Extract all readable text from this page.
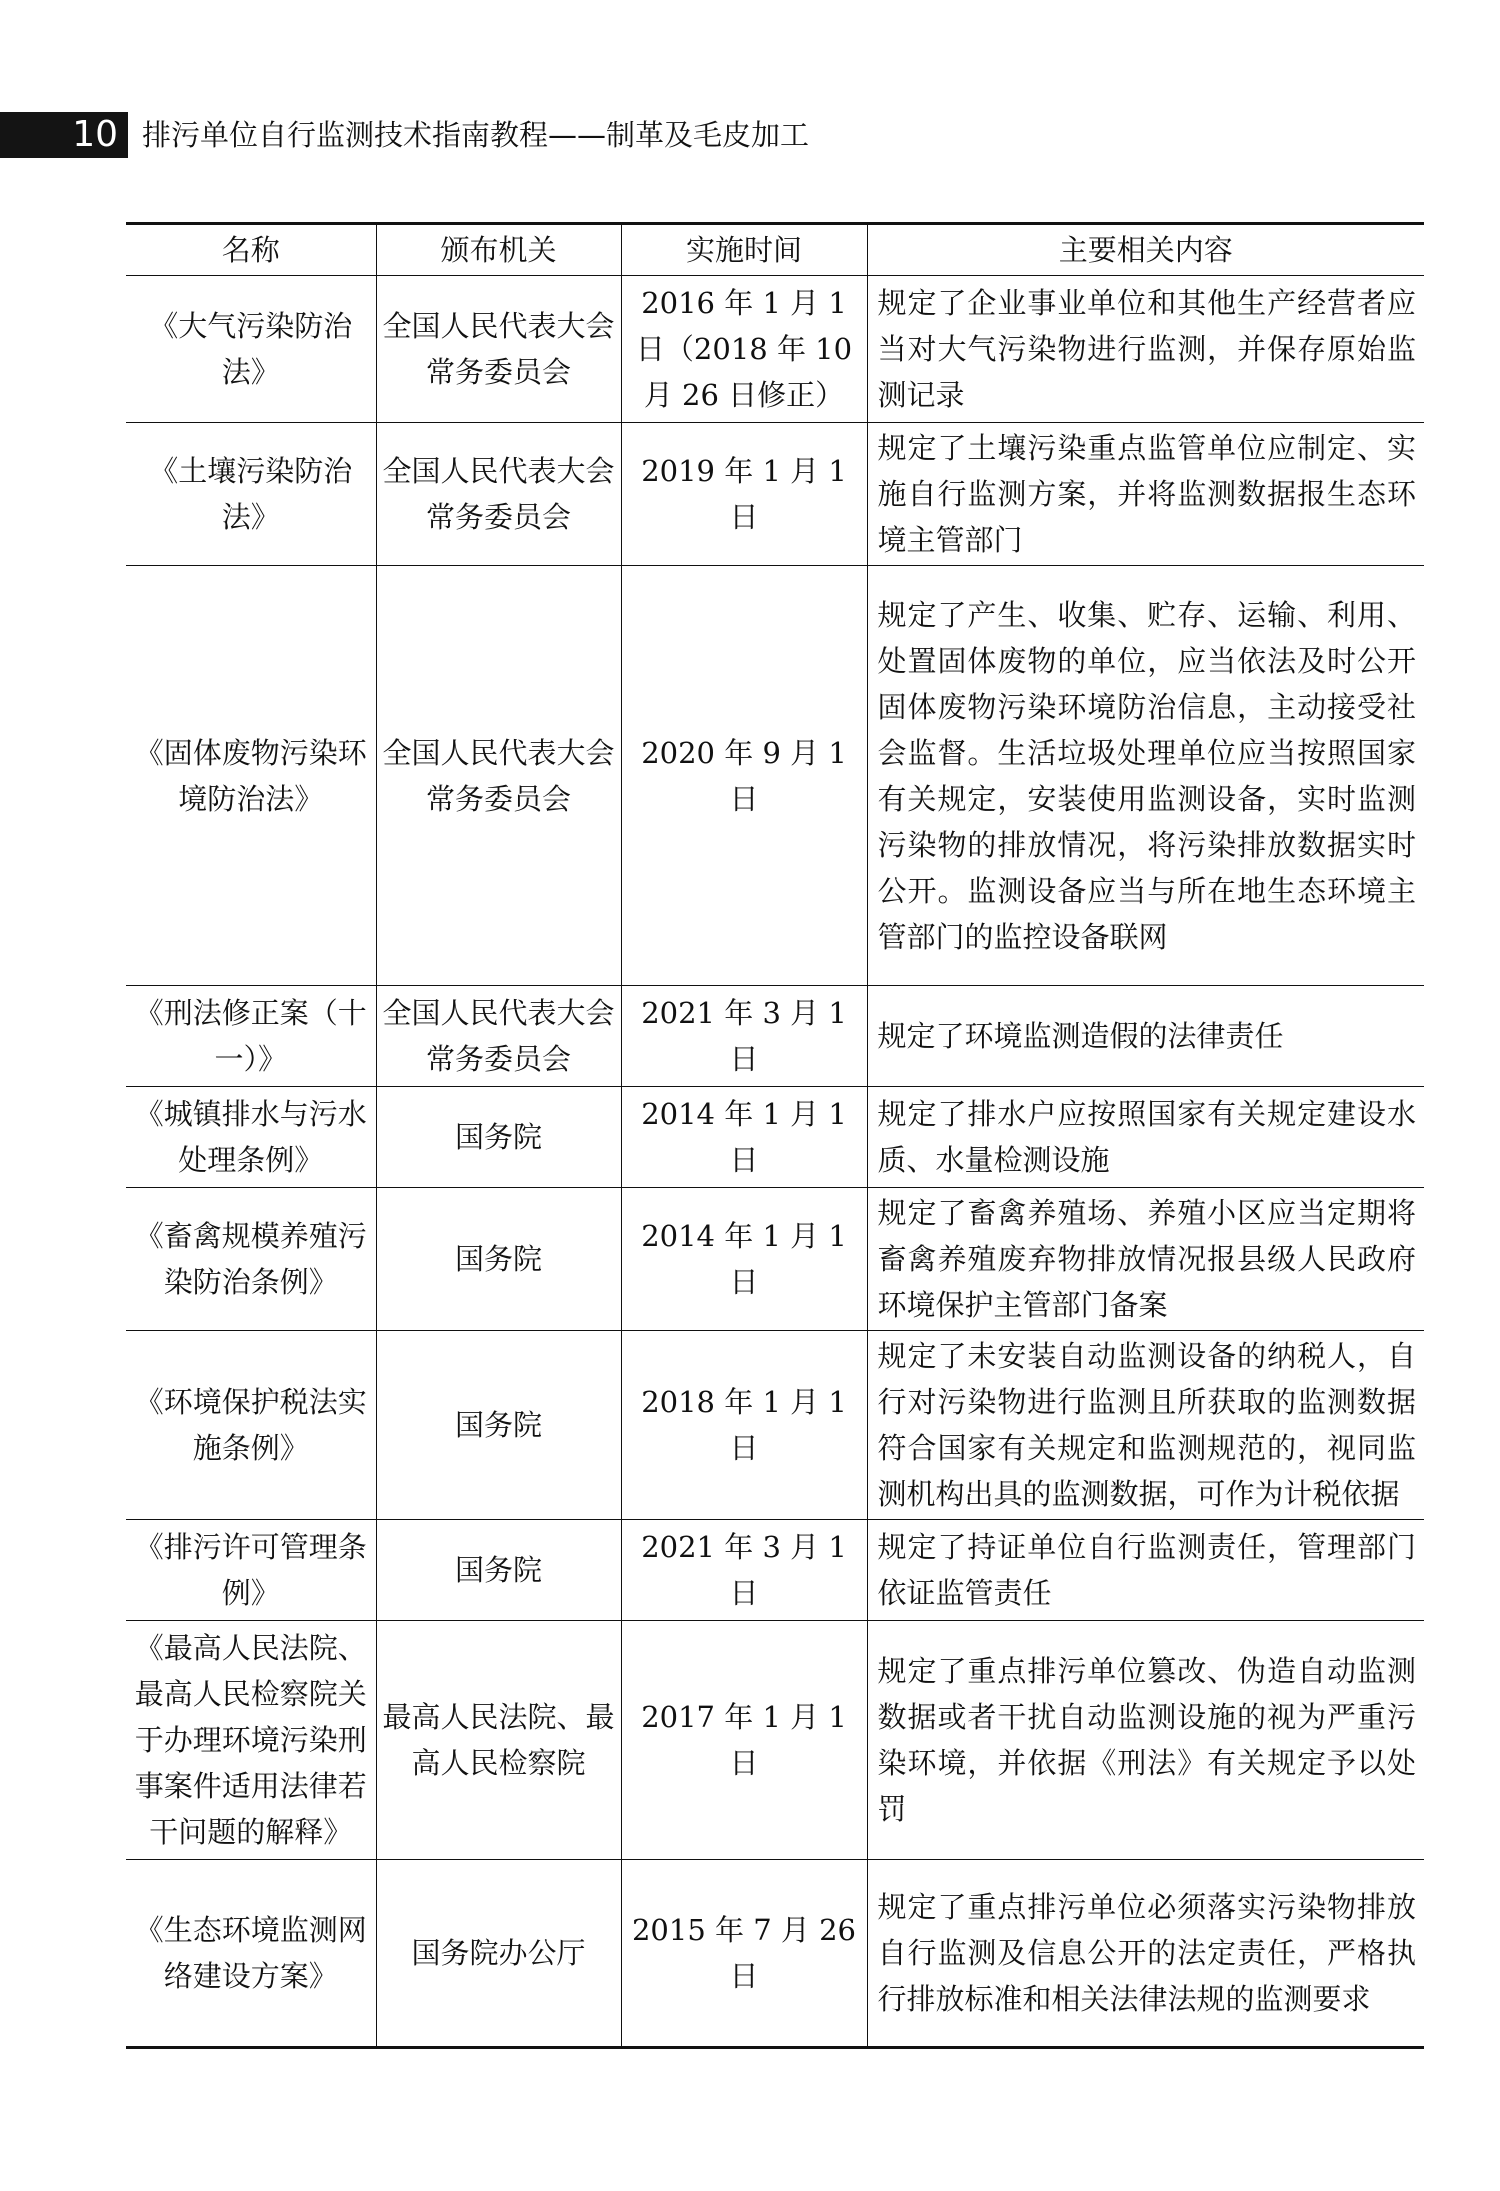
10 排污单位自行监测技术指南教程——制革及毛皮加工
名称	颁布机关	实施时间	主要相关内容
《大气污染防治法》	全国人民代表大会常务委员会	2016 年 1 月 1 日（2018 年 10 月 26 日修正）	规定了企业事业单位和其他生产经营者应当对大气污染物进行监测，并保存原始监测记录
《土壤污染防治法》	全国人民代表大会常务委员会	2019 年 1 月 1 日	规定了土壤污染重点监管单位应制定、实施自行监测方案，并将监测数据报生态环境主管部门
《固体废物污染环境防治法》	全国人民代表大会常务委员会	2020 年 9 月 1 日	规定了产生、收集、贮存、运输、利用、处置固体废物的单位，应当依法及时公开固体废物污染环境防治信息，主动接受社会监督。生活垃圾处理单位应当按照国家有关规定，安装使用监测设备，实时监测污染物的排放情况，将污染排放数据实时公开。监测设备应当与所在地生态环境主管部门的监控设备联网
《刑法修正案（十一）》	全国人民代表大会常务委员会	2021 年 3 月 1 日	规定了环境监测造假的法律责任
《城镇排水与污水处理条例》	国务院	2014 年 1 月 1 日	规定了排水户应按照国家有关规定建设水质、水量检测设施
《畜禽规模养殖污染防治条例》	国务院	2014 年 1 月 1 日	规定了畜禽养殖场、养殖小区应当定期将畜禽养殖废弃物排放情况报县级人民政府环境保护主管部门备案
《环境保护税法实施条例》	国务院	2018 年 1 月 1 日	规定了未安装自动监测设备的纳税人，自行对污染物进行监测且所获取的监测数据符合国家有关规定和监测规范的，视同监测机构出具的监测数据，可作为计税依据
《排污许可管理条例》	国务院	2021 年 3 月 1 日	规定了持证单位自行监测责任，管理部门依证监管责任
《最高人民法院、最高人民检察院关于办理环境污染刑事案件适用法律若干问题的解释》	最高人民法院、最高人民检察院	2017 年 1 月 1 日	规定了重点排污单位篡改、伪造自动监测数据或者干扰自动监测设施的视为严重污染环境，并依据《刑法》有关规定予以处罚
《生态环境监测网络建设方案》	国务院办公厅	2015 年 7 月 26 日	规定了重点排污单位必须落实污染物排放自行监测及信息公开的法定责任，严格执行排放标准和相关法律法规的监测要求
